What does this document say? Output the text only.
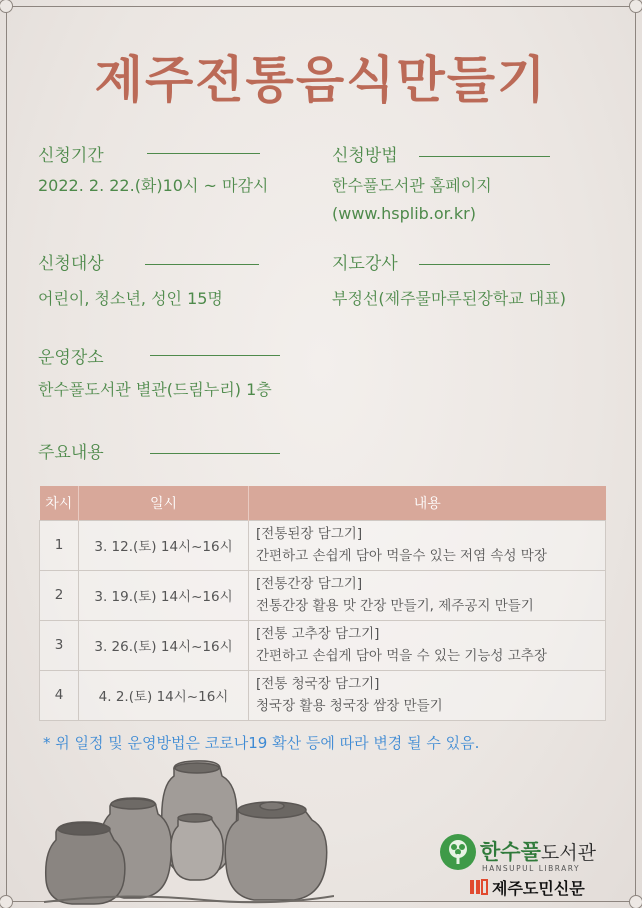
제주전통음식만들기
신청기간
2022. 2. 22.(화)10시 ~ 마감시
신청방법
한수풀도서관 홈페이지
(www.hsplib.or.kr)
신청대상
어린이, 청소년, 성인 15명
지도강사
부정선(제주물마루된장학교 대표)
운영장소
한수풀도서관 별관(드림누리) 1층
주요내용
차시	일시	내용
1	3. 12.(토) 14시~16시	[전통된장 담그기]
간편하고 손쉽게 담아 먹을수 있는 저염 속성 막장

2	3. 19.(토) 14시~16시	[전통간장 담그기]
전통간장 활용 맛 간장 만들기, 제주공지 만들기

3	3. 26.(토) 14시~16시	[전통 고추장 담그기]
간편하고 손쉽게 담아 먹을 수 있는 기능성 고추장

4	4. 2.(토) 14시~16시	[전통 청국장 담그기]
청국장 활용 청국장 쌈장 만들기
* 위 일정 및 운영방법은 코로나19 확산 등에 따라 변경 될 수 있음.
한수풀도서관
HANSUPUL LIBRARY
제주도민신문
